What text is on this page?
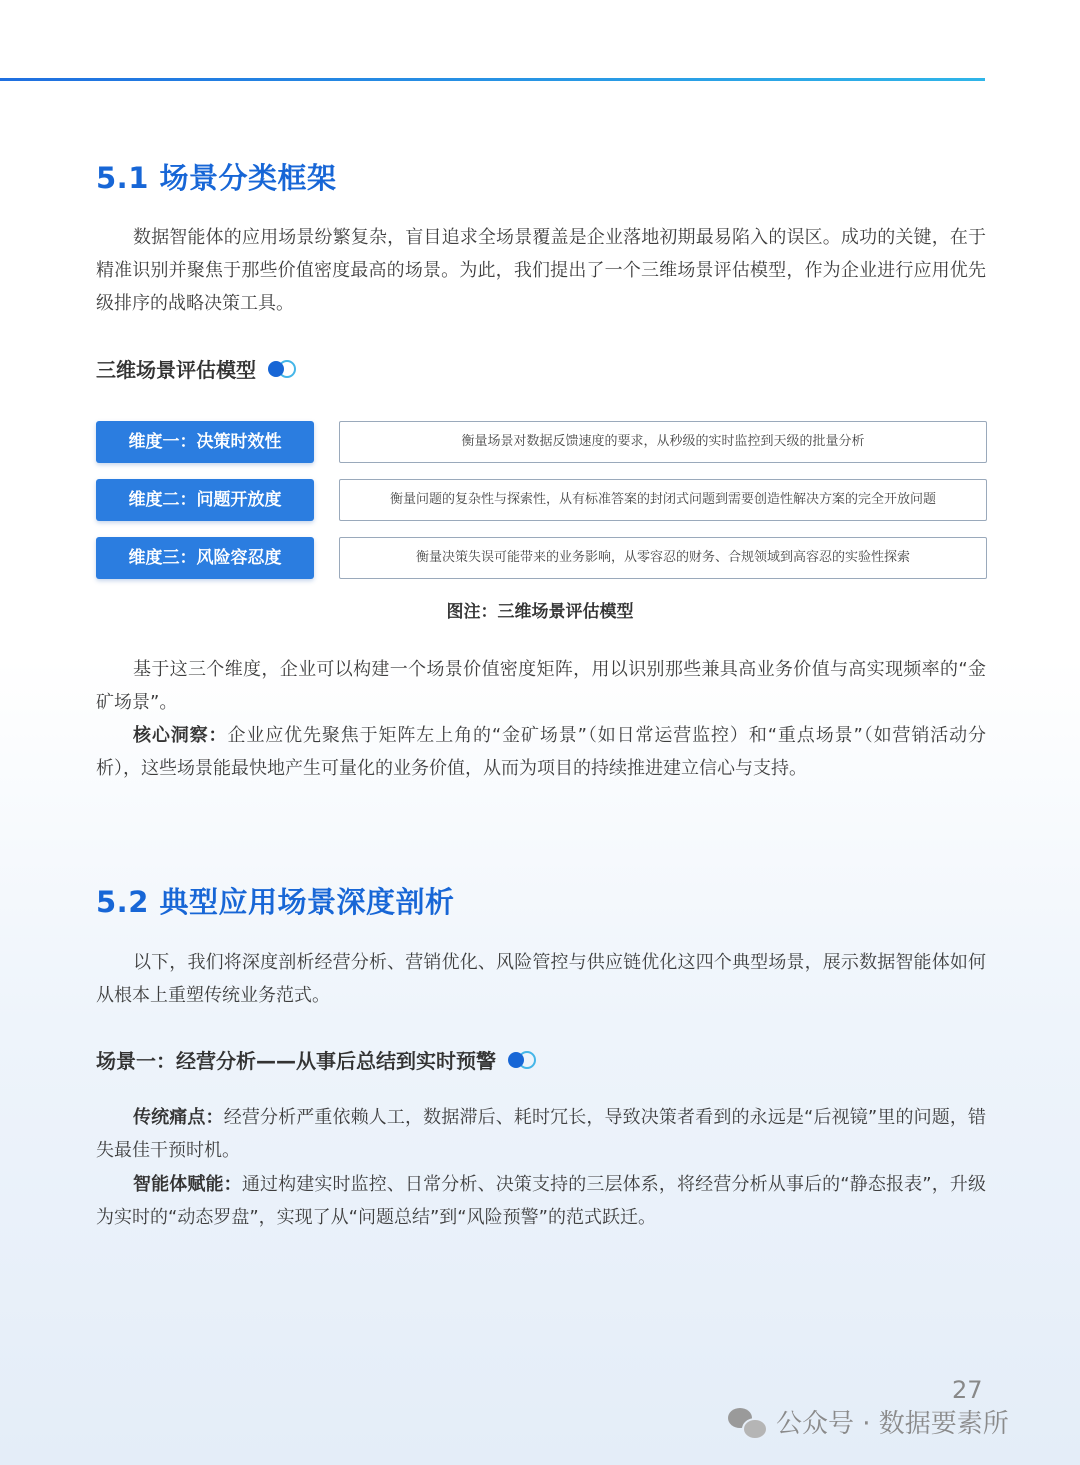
5.1 场景分类框架

数据智能体的应用场景纷繁复杂，盲目追求全场景覆盖是企业落地初期最易陷入的误区。成功的关键，在于精准识别并聚焦于那些价值密度最高的场景。为此，我们提出了一个三维场景评估模型，作为企业进行应用优先级排序的战略决策工具。

三维场景评估模型
维度一：决策时效性	衡量场景对数据反馈速度的要求，从秒级的实时监控到天级的批量分析
维度二：问题开放度	衡量问题的复杂性与探索性，从有标准答案的封闭式问题到需要创造性解决方案的完全开放问题
维度三：风险容忍度	衡量决策失误可能带来的业务影响，从零容忍的财务、合规领域到高容忍的实验性探索

图注：三维场景评估模型

基于这三个维度，企业可以构建一个场景价值密度矩阵，用以识别那些兼具高业务价值与高实现频率的“金矿场景”。

核心洞察：企业应优先聚焦于矩阵左上角的“金矿场景”（如日常运营监控）和“重点场景”（如营销活动分析），这些场景能最快地产生可量化的业务价值，从而为项目的持续推进建立信心与支持。

5.2 典型应用场景深度剖析

以下，我们将深度剖析经营分析、营销优化、风险管控与供应链优化这四个典型场景，展示数据智能体如何从根本上重塑传统业务范式。

场景一：经营分析——从事后总结到实时预警

传统痛点：经营分析严重依赖人工，数据滞后、耗时冗长，导致决策者看到的永远是“后视镜”里的问题，错失最佳干预时机。

智能体赋能：通过构建实时监控、日常分析、决策支持的三层体系，将经营分析从事后的“静态报表”，升级为实时的“动态罗盘”，实现了从“问题总结”到“风险预警”的范式跃迁。

27
公众号 · 数据要素所
